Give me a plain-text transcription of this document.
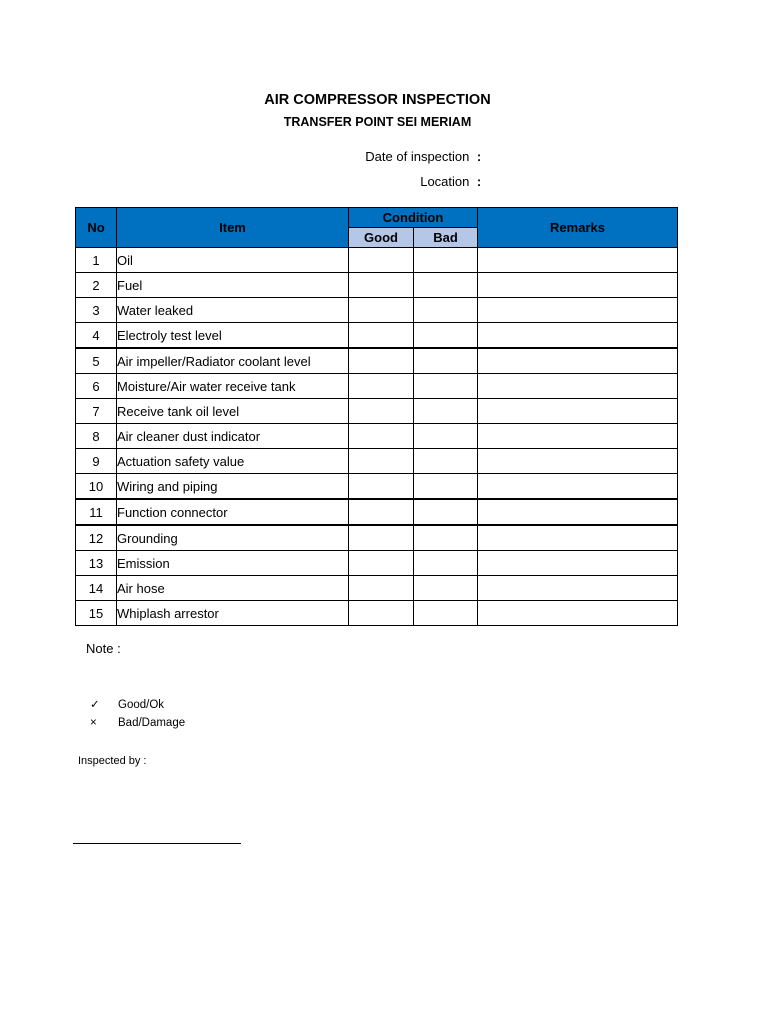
AIR COMPRESSOR INSPECTION
TRANSFER POINT SEI MERIAM
Date of inspection :
Location :
No	Item	Condition		Remarks
		Good	Bad	
1	Oil			
2	Fuel			
3	Water leaked			
4	Electroly test level			
5	Air impeller/Radiator coolant level			
6	Moisture/Air water receive tank			
7	Receive tank oil level			
8	Air cleaner dust indicator			
9	Actuation safety value			
10	Wiring and piping			
11	Function connector			
12	Grounding			
13	Emission			
14	Air hose			
15	Whiplash arrestor			
Note :
✓ Good/Ok
× Bad/Damage
Inspected by :
